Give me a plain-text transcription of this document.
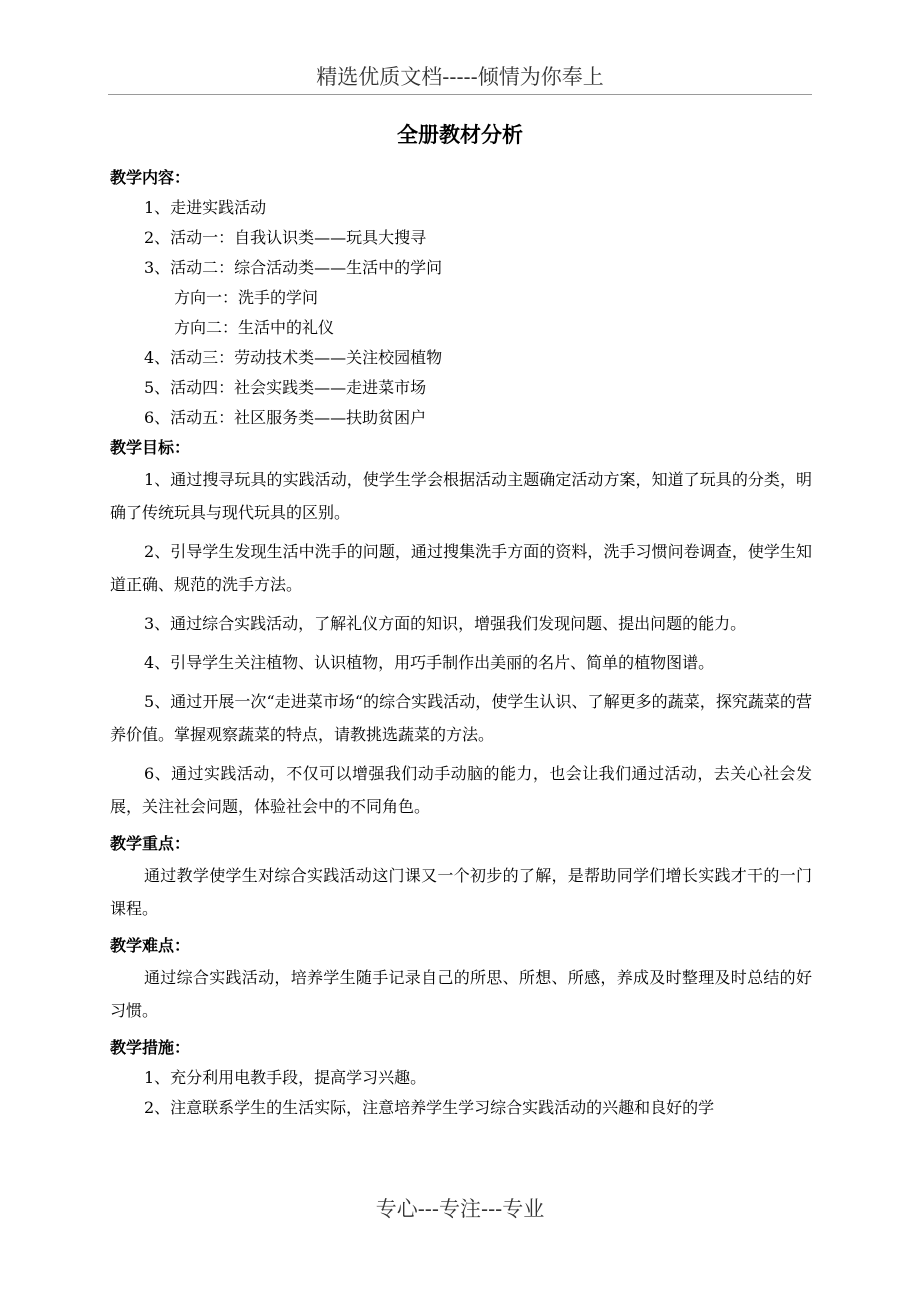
精选优质文档-----倾情为你奉上
全册教材分析
教学内容：
1、走进实践活动
2、活动一：自我认识类——玩具大搜寻
3、活动二：综合活动类——生活中的学问
方向一：洗手的学问
方向二：生活中的礼仪
4、活动三：劳动技术类——关注校园植物
5、活动四：社会实践类——走进菜市场
6、活动五：社区服务类——扶助贫困户
教学目标：
1、通过搜寻玩具的实践活动，使学生学会根据活动主题确定活动方案，知道了玩具的分类，明确了传统玩具与现代玩具的区别。
2、引导学生发现生活中洗手的问题，通过搜集洗手方面的资料，洗手习惯问卷调查，使学生知道正确、规范的洗手方法。
3、通过综合实践活动，了解礼仪方面的知识，增强我们发现问题、提出问题的能力。
4、引导学生关注植物、认识植物，用巧手制作出美丽的名片、简单的植物图谱。
5、通过开展一次“走进菜市场“的综合实践活动，使学生认识、了解更多的蔬菜，探究蔬菜的营养价值。掌握观察蔬菜的特点，请教挑选蔬菜的方法。
6、通过实践活动，不仅可以增强我们动手动脑的能力，也会让我们通过活动，去关心社会发展，关注社会问题，体验社会中的不同角色。
教学重点：
通过教学使学生对综合实践活动这门课又一个初步的了解，是帮助同学们增长实践才干的一门课程。
教学难点：
通过综合实践活动，培养学生随手记录自己的所思、所想、所感，养成及时整理及时总结的好习惯。
教学措施：
1、充分利用电教手段，提高学习兴趣。
2、注意联系学生的生活实际，注意培养学生学习综合实践活动的兴趣和良好的学
专心---专注---专业
